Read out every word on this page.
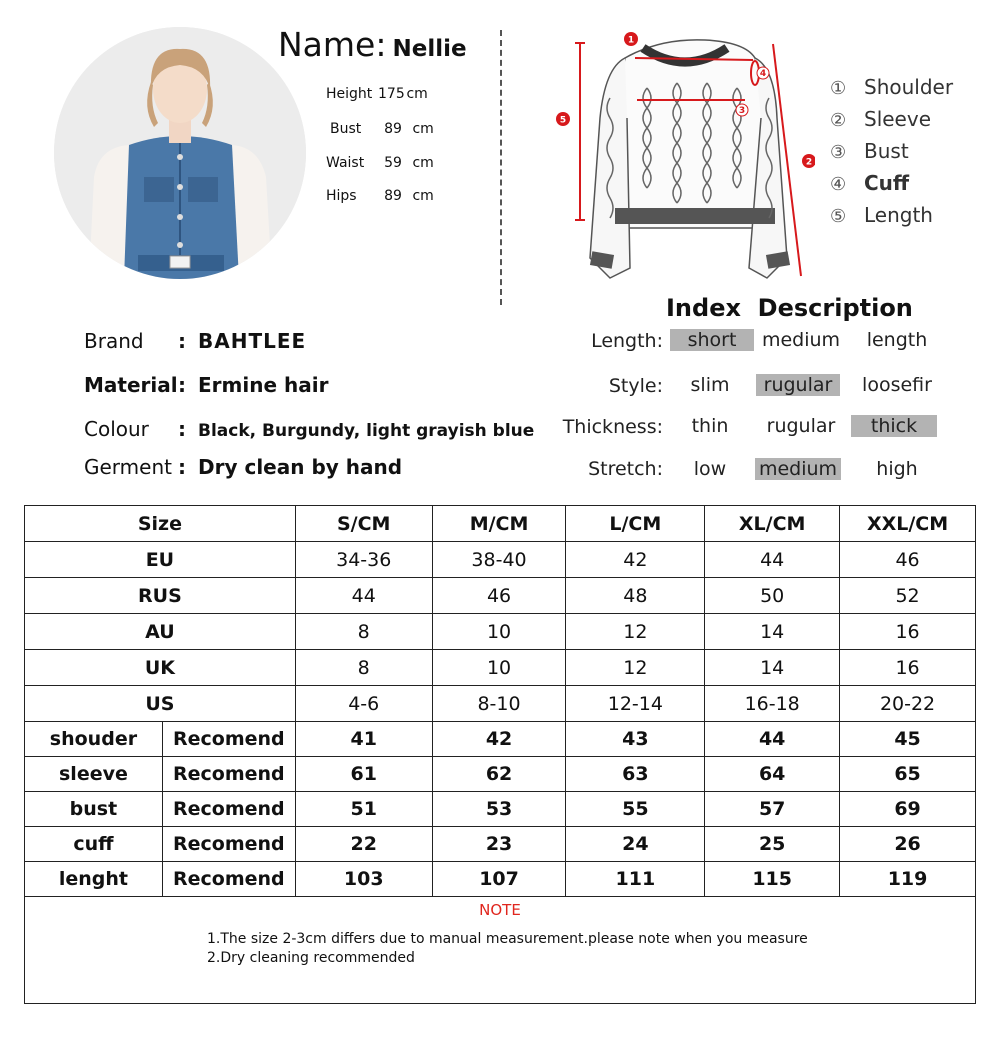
Name: Nellie
Height 175 cm
Bust 89 cm
Waist 59 cm
Hips 89 cm
1
2
3
4
5
① Shoulder
② Sleeve
③ Bust
④ Cuff
⑤ Length
Brand : BAHTLEE
Material: Ermine hair
Colour : Black, Burgundy, light grayish blue
Germent : Dry clean by hand
Index  Description
Length:	short	medium	length
Style:	slim	rugular	loosefir
Thickness:	thin	rugular	thick
Stretch:	low	medium	high
Size		S/CM	M/CM	L/CM	XL/CM	XXL/CM
EU		34-36	38-40	42	44	46
RUS		44	46	48	50	52
AU		8	10	12	14	16
UK		8	10	12	14	16
US		4-6	8-10	12-14	16-18	20-22
shouder	Recomend	41	42	43	44	45
sleeve	Recomend	61	62	63	64	65
bust	Recomend	51	53	55	57	69
cuff	Recomend	22	23	24	25	26
lenght	Recomend	103	107	111	115	119

NOTE
1.The size 2-3cm differs due to manual measurement.please note when you measure
2.Dry cleaning recommended						
